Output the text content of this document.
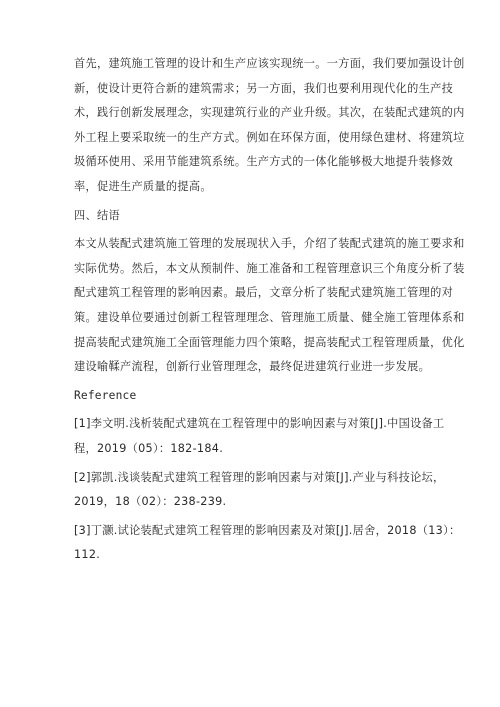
首先，建筑施工管理的设计和生产应该实现统一。一方面，我们要加强设计创
新，使设计更符合新的建筑需求；另一方面，我们也要利用现代化的生产技
术，践行创新发展理念，实现建筑行业的产业升级。其次，在装配式建筑的内
外工程上要采取统一的生产方式。例如在环保方面，使用绿色建材、将建筑垃
圾循环使用、采用节能建筑系统。生产方式的一体化能够极大地提升装修效
率，促进生产质量的提高。

四、结语

本文从装配式建筑施工管理的发展现状入手，介绍了装配式建筑的施工要求和
实际优势。然后，本文从预制件、施工准备和工程管理意识三个角度分析了装
配式建筑工程管理的影响因素。最后，文章分析了装配式建筑施工管理的对
策。建设单位要通过创新工程管理理念、管理施工质量、健全施工管理体系和
提高装配式建筑施工全面管理能力四个策略，提高装配式工程管理质量，优化
建设喻鞣产流程，创新行业管理理念，最终促进建筑行业进一步发展。

Reference

[1]李文明.浅析装配式建筑在工程管理中的影响因素与对策[J].中国设备工
程，2019（05）：182-184.

[2]郭凯.浅谈装配式建筑工程管理的影响因素与对策[J].产业与科技论坛，
2019，18（02）：238-239.

[3]丁灏.试论装配式建筑工程管理的影响因素及对策[J].居舍，2018（13）：
112.
